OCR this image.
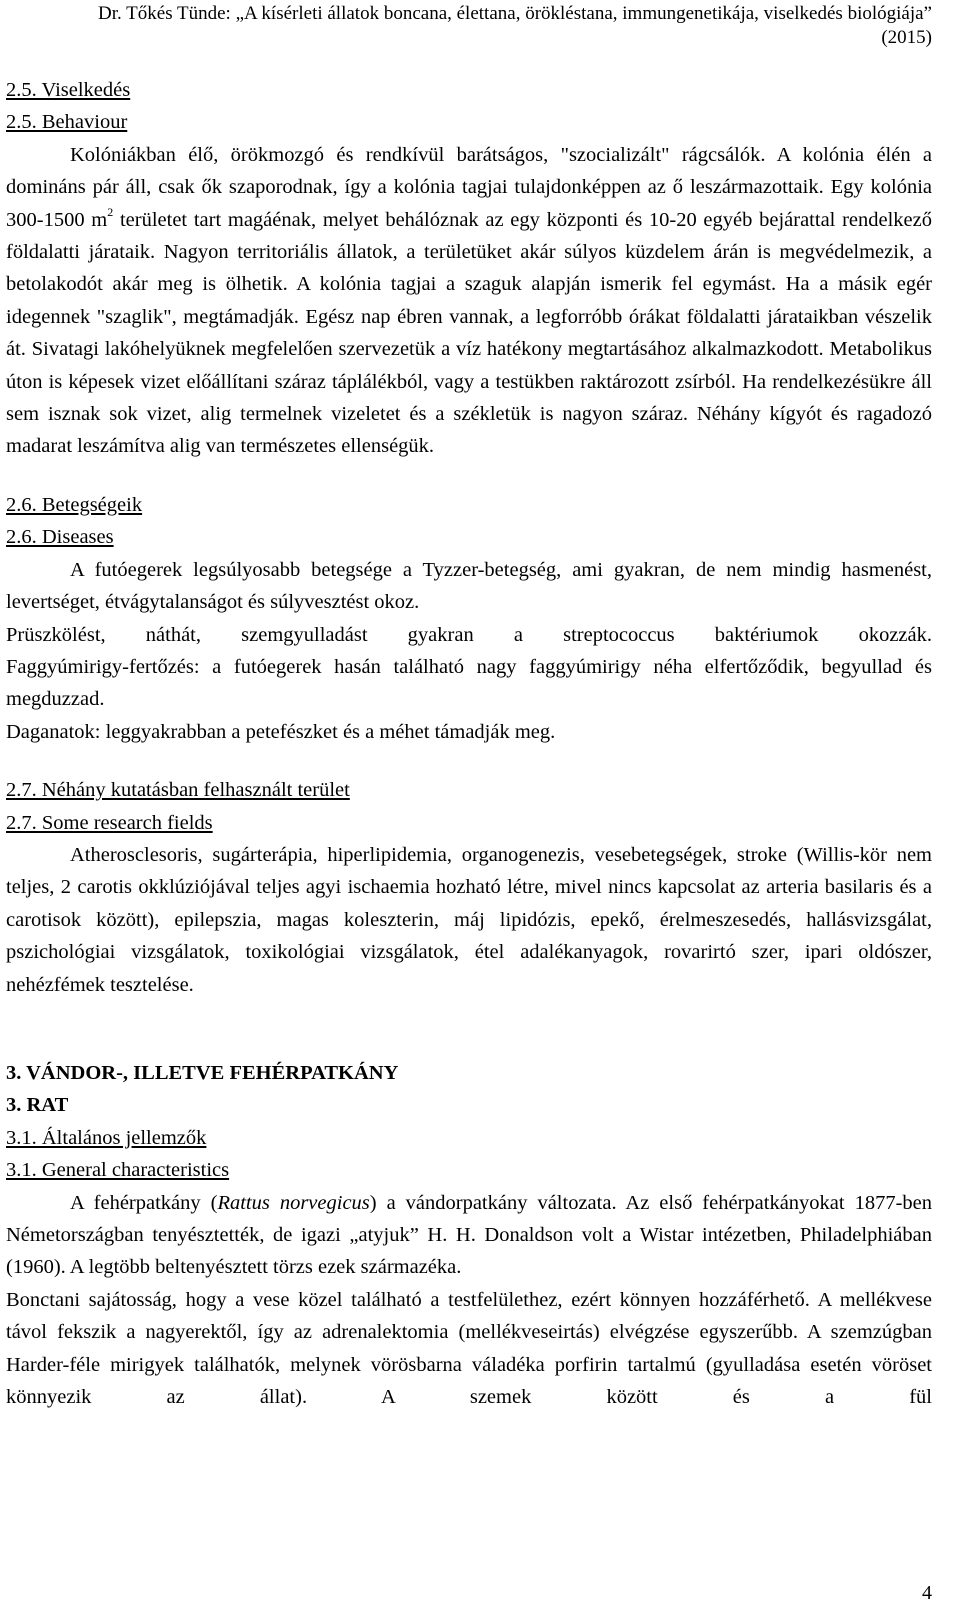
Dr. Tőkés Tünde: „A kísérleti állatok boncana, élettana, örökléstana, immungenetikája, viselkedés biológiája”
(2015)
2.5. Viselkedés
2.5. Behaviour
Kolóniákban élő, örökmozgó és rendkívül barátságos, "szocializált" rágcsálók. A kolónia élén a domináns pár áll, csak ők szaporodnak, így a kolónia tagjai tulajdonképpen az ő leszármazottaik. Egy kolónia 300-1500 $m^2$ területet tart magáénak, melyet behálóznak az egy központi és 10-20 egyéb bejárattal rendelkező földalatti járataik. Nagyon territoriális állatok, a területüket akár súlyos küzdelem árán is megvédelmezik, a betolakodót akár meg is ölhetik. A kolónia tagjai a szaguk alapján ismerik fel egymást. Ha a másik egér idegennek "szaglik", megtámadják. Egész nap ébren vannak, a legforróbb órákat földalatti járataikban vészelik át. Sivatagi lakóhelyüknek megfelelően szervezetük a víz hatékony megtartásához alkalmazkodott. Metabolikus úton is képesek vizet előállítani száraz táplálékból, vagy a testükben raktározott zsírból. Ha rendelkezésükre áll sem isznak sok vizet, alig termelnek vizeletet és a székletük is nagyon száraz. Néhány kígyót és ragadozó madarat leszámítva alig van természetes ellenségük.
2.6. Betegségeik
2.6. Diseases
A futóegerek legsúlyosabb betegsége a Tyzzer-betegség, ami gyakran, de nem mindig hasmenést, levertséget, étvágytalanságot és súlyvesztést okoz.
Prüszkölést, náthát, szemgyulladást gyakran a streptococcus baktériumok okozzák.
Faggyúmirigy-fertőzés: a futóegerek hasán található nagy faggyúmirigy néha elfertőződik, begyullad és megduzzad.
Daganatok: leggyakrabban a petefészket és a méhet támadják meg.
2.7. Néhány kutatásban felhasznált terület
2.7. Some research fields
Atherosclesoris, sugárterápia, hiperlipidemia, organogenezis, vesebetegségek, stroke (Willis-kör nem teljes, 2 carotis okklúziójával teljes agyi ischaemia hozható létre, mivel nincs kapcsolat az arteria basilaris és a carotisok között), epilepszia, magas koleszterin, máj lipidózis, epekő, érelmeszesedés, hallásvizsgálat, pszichológiai vizsgálatok, toxikológiai vizsgálatok, étel adalékanyagok, rovarirtó szer, ipari oldószer, nehézfémek tesztelése.
3. VÁNDOR-, ILLETVE FEHÉRPATKÁNY
3. RAT
3.1. Általános jellemzők
3.1. General characteristics
A fehérpatkány (Rattus norvegicus) a vándorpatkány változata. Az első fehérpatkányokat 1877-ben Németországban tenyésztették, de igazi „atyjuk” H. H. Donaldson volt a Wistar intézetben, Philadelphiában (1960). A legtöbb beltenyésztett törzs ezek származéka.
Bonctani sajátosság, hogy a vese közel található a testfelülethez, ezért könnyen hozzáférhető. A mellékvese távol fekszik a nagyerektől, így az adrenalektomia (mellékveseirtás) elvégzése egyszerűbb. A szemzúgban Harder-féle mirigyek találhatók, melynek vörösbarna váladéka porfirin tartalmú (gyulladása esetén vöröset könnyezik az állat). A szemek között és a fül
4
